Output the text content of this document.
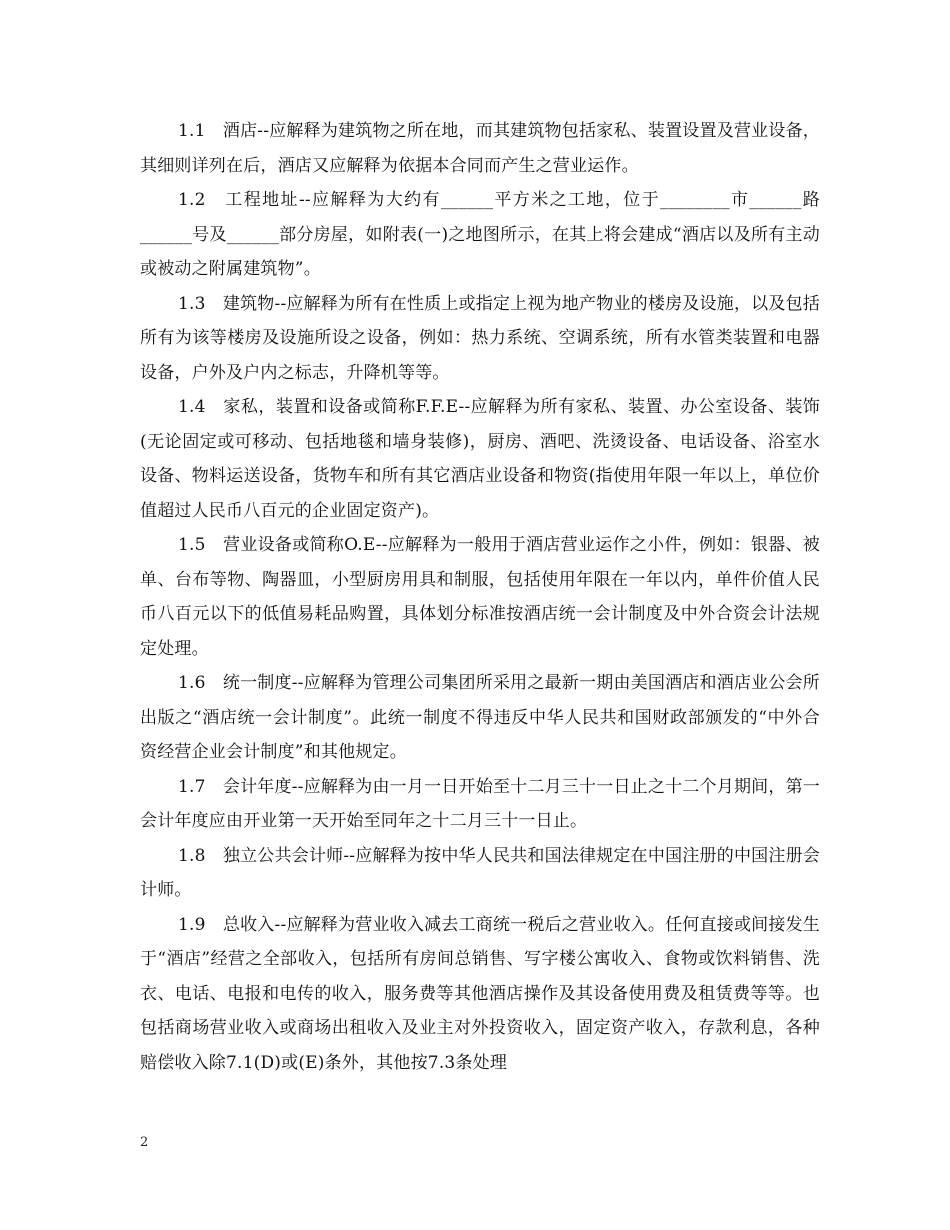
1.1　酒店--应解释为建筑物之所在地，而其建筑物包括家私、装置设置及营业设备，其细则详列在后，酒店又应解释为依据本合同而产生之营业运作。

1.2　工程地址--应解释为大约有______平方米之工地，位于________市______路______号及______部分房屋，如附表(一)之地图所示，在其上将会建成“酒店以及所有主动或被动之附属建筑物”。

1.3　建筑物--应解释为所有在性质上或指定上视为地产物业的楼房及设施，以及包括所有为该等楼房及设施所设之设备，例如：热力系统、空调系统，所有水管类装置和电器设备，户外及户内之标志，升降机等等。

1.4　家私，装置和设备或简称F.F.E--应解释为所有家私、装置、办公室设备、装饰(无论固定或可移动、包括地毯和墙身装修)，厨房、酒吧、洗烫设备、电话设备、浴室水设备、物料运送设备，货物车和所有其它酒店业设备和物资(指使用年限一年以上，单位价值超过人民币八百元的企业固定资产)。

1.5　营业设备或简称O.E--应解释为一般用于酒店营业运作之小件，例如：银器、被单、台布等物、陶器皿，小型厨房用具和制服，包括使用年限在一年以内，单件价值人民币八百元以下的低值易耗品购置，具体划分标准按酒店统一会计制度及中外合资会计法规定处理。

1.6　统一制度--应解释为管理公司集团所采用之最新一期由美国酒店和酒店业公会所出版之“酒店统一会计制度”。此统一制度不得违反中华人民共和国财政部颁发的“中外合资经营企业会计制度”和其他规定。

1.7　会计年度--应解释为由一月一日开始至十二月三十一日止之十二个月期间，第一会计年度应由开业第一天开始至同年之十二月三十一日止。

1.8　独立公共会计师--应解释为按中华人民共和国法律规定在中国注册的中国注册会计师。

1.9　总收入--应解释为营业收入减去工商统一税后之营业收入。任何直接或间接发生于“酒店”经营之全部收入，包括所有房间总销售、写字楼公寓收入、食物或饮料销售、洗衣、电话、电报和电传的收入，服务费等其他酒店操作及其设备使用费及租赁费等等。也包括商场营业收入或商场出租收入及业主对外投资收入，固定资产收入，存款利息，各种赔偿收入除7.1(D)或(E)条外，其他按7.3条处理

2
